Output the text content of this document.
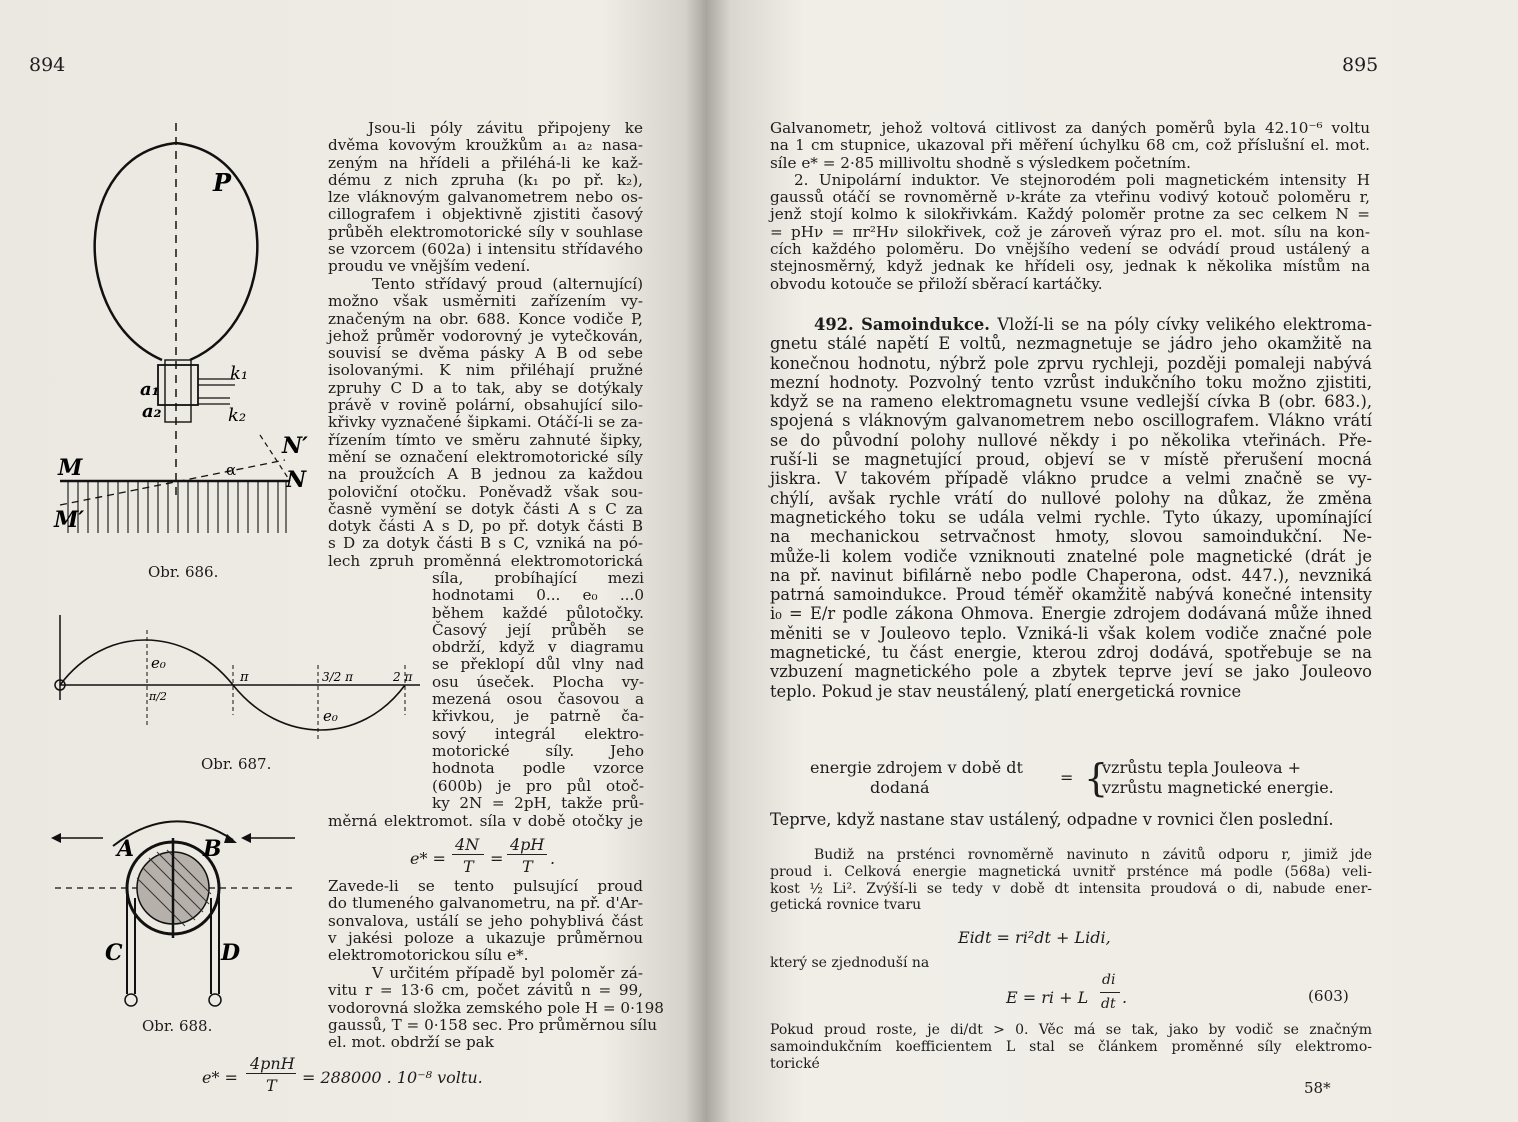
894
P
a₁
a₂
k₁
k₂
M
M′
N′
N
α
Obr. 686.
e₀
π/2
π	3/2 π	2 π
e₀
Obr. 687.
A	B
C	D
Obr. 688.
Jsou-li póly závitu připojeny ke
dvěma kovovým kroužkům a₁ a₂ nasa-
zeným na hřídeli a přiléhá-li ke kaž-
dému z nich zpruha (k₁ po př. k₂),
lze vláknovým galvanometrem nebo os-
cillografem i objektivně zjistiti časový
průběh elektromotorické síly v souhlase
se vzorcem (602a) i intensitu střídavého
proudu ve vnějším vedení.
Tento střídavý proud (alternující)
možno však usměrniti zařízením vy-
značeným na obr. 688. Konce vodiče P,
jehož průměr vodorovný je vytečkován,
souvisí se dvěma pásky A B od sebe
isolovanými. K nim přiléhají pružné
zpruhy C D a to tak, aby se dotýkaly
právě v rovině polární, obsahující silo-
křivky vyznačené šipkami. Otáčí-li se za-
řízením tímto ve směru zahnuté šipky,
mění se označení elektromotorické síly
na proužcích A B jednou za každou
poloviční otočku. Poněvadž však sou-
časně vymění se dotyk části A s C za
dotyk části A s D, po př. dotyk části B
s D za dotyk části B s C, vzniká na pó-
lech zpruh proměnná elektromotorická
síla, probíhající mezi
hodnotami 0... e₀ ...0
během každé půlotočky.
Časový její průběh se
obdrží, když v diagramu
se překlopí důl vlny nad
osu úseček. Plocha vy-
mezená osou časovou a
křivkou, je patrně ča-
sový integrál elektro-
motorické síly. Jeho
hodnota podle vzorce
(600b) je pro půl otoč-
ky 2N = 2pH, takže prů-
měrná elektromot. síla v době otočky je
e* =
4N
T =
4pH
T .
Zavede-li se tento pulsující proud
do tlumeného galvanometru, na př. d'Ar-
sonvalova, ustálí se jeho pohyblivá část
v jakési poloze a ukazuje průměrnou
elektromotorickou sílu e*.
V určitém případě byl poloměr zá-
vitu r = 13·6 cm, počet závitů n = 99,
vodorovná složka zemského pole H = 0·198
gaussů, T = 0·158 sec. Pro průměrnou sílu
el. mot. obdrží se pak
e* =
4pnH
T = 288000 . 10⁻⁸ voltu.
895
Galvanometr, jehož voltová citlivost za daných poměrů byla 42.10⁻⁶ voltu
na 1 cm stupnice, ukazoval při měření úchylku 68 cm, což příslušní el. mot.
síle e* = 2·85 millivoltu shodně s výsledkem početním.
2. Unipolární induktor. Ve stejnorodém poli magnetickém intensity H
gaussů otáčí se rovnoměrně ν-kráte za vteřinu vodivý kotouč poloměru r,
jenž stojí kolmo k silokřivkám. Každý poloměr protne za sec celkem N =
= pHν = πr²Hν silokřivek, což je zároveň výraz pro el. mot. sílu na kon-
cích každého poloměru. Do vnějšího vedení se odvádí proud ustálený a
stejnosměrný, když jednak ke hřídeli osy, jednak k několika místům na
obvodu kotouče se přiloží sběrací kartáčky.
492. Samoindukce. Vloží-li se na póly cívky velikého elektroma-
gnetu stálé napětí E voltů, nezmagnetuje se jádro jeho okamžitě na
konečnou hodnotu, nýbrž pole zprvu rychleji, později pomaleji nabývá
mezní hodnoty. Pozvolný tento vzrůst indukčního toku možno zjistiti,
když se na rameno elektromagnetu vsune vedlejší cívka B (obr. 683.),
spojená s vláknovým galvanometrem nebo oscillografem. Vlákno vrátí
se do původní polohy nullové někdy i po několika vteřinách. Pře-
ruší-li se magnetující proud, objeví se v místě přerušení mocná
jiskra. V takovém případě vlákno prudce a velmi značně se vy-
chýlí, avšak rychle vrátí do nullové polohy na důkaz, že změna
magnetického toku se udála velmi rychle. Tyto úkazy, upomínající
na mechanickou setrvačnost hmoty, slovou samoindukční. Ne-
může-li kolem vodiče vzniknouti znatelné pole magnetické (drát je
na př. navinut bifilárně nebo podle Chaperona, odst. 447.), nevzniká
patrná samoindukce. Proud téměř okamžitě nabývá konečné intensity
i₀ = E/r podle zákona Ohmova. Energie zdrojem dodávaná může ihned
měniti se v Jouleovo teplo. Vzniká-li však kolem vodiče značné pole
magnetické, tu část energie, kterou zdroj dodává, spotřebuje se na
vzbuzení magnetického pole a zbytek teprve jeví se jako Jouleovo
teplo. Pokud je stav neustálený, platí energetická rovnice
energie zdrojem v době dt
dodaná
= {
vzrůstu tepla Jouleova +
vzrůstu magnetické energie.
Teprve, když nastane stav ustálený, odpadne v rovnici člen poslední.
Budiž na prsténci rovnoměrně navinuto n závitů odporu r, jimiž jde
proud i. Celková energie magnetická uvnitř prsténce má podle (568a) veli-
kost ½ Li². Zvýší-li se tedy v době dt intensita proudová o di, nabude ener-
getická rovnice tvaru
Eidt = ri²dt + Lidi,
který se zjednoduší na
E = ri + L
di
dt .	(603)
Pokud proud roste, je di/dt > 0. Věc má se tak, jako by vodič se značným
samoindukčním koefficientem L stal se článkem proměnné síly elektromo-
torické
58*
